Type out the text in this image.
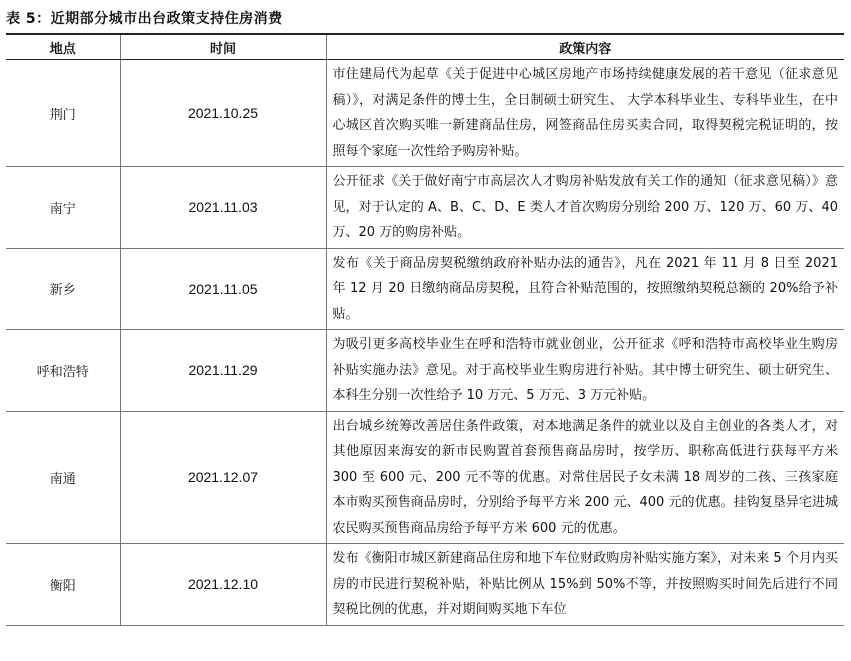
表 5：近期部分城市出台政策支持住房消费
地点	时间	政策内容
荆门	2021.10.25	市住建局代为起草《关于促进中心城区房地产市场持续健康发展的若干意见（征求意见稿）》，对满足条件的博士生，全日制硕士研究生、 大学本科毕业生、专科毕业生，在中心城区首次购买唯一新建商品住房，网签商品住房买卖合同，取得契税完税证明的，按照每个家庭一次性给予购房补贴。
南宁	2021.11.03	公开征求《关于做好南宁市高层次人才购房补贴发放有关工作的通知（征求意见稿）》意见，对于认定的 A、B、C、D、E 类人才首次购房分别给 200 万、120 万、60 万、40 万、20 万的购房补贴。
新乡	2021.11.05	发布《关于商品房契税缴纳政府补贴办法的通告》，凡在 2021 年 11 月 8 日至 2021 年 12 月 20 日缴纳商品房契税，且符合补贴范围的，按照缴纳契税总额的 20%给予补贴。
呼和浩特	2021.11.29	为吸引更多高校毕业生在呼和浩特市就业创业，公开征求《呼和浩特市高校毕业生购房补贴实施办法》意见。对于高校毕业生购房进行补贴。其中博士研究生、硕士研究生、本科生分别一次性给予 10 万元、5 万元、3 万元补贴。
南通	2021.12.07	出台城乡统筹改善居住条件政策，对本地满足条件的就业以及自主创业的各类人才，对其他原因来海安的新市民购置首套预售商品房时，按学历、职称高低进行获每平方米 300 至 600 元、200 元不等的优惠。对常住居民子女未满 18 周岁的二孩、三孩家庭本市购买预售商品房时，分别给予每平方米 200 元、400 元的优惠。挂钩复垦异宅进城农民购买预售商品房给予每平方米 600 元的优惠。
衡阳	2021.12.10	发布《衡阳市城区新建商品住房和地下车位财政购房补贴实施方案》，对未来 5 个月内买房的市民进行契税补贴，补贴比例从 15%到 50%不等，并按照购买时间先后进行不同契税比例的优惠，并对期间购买地下车位
